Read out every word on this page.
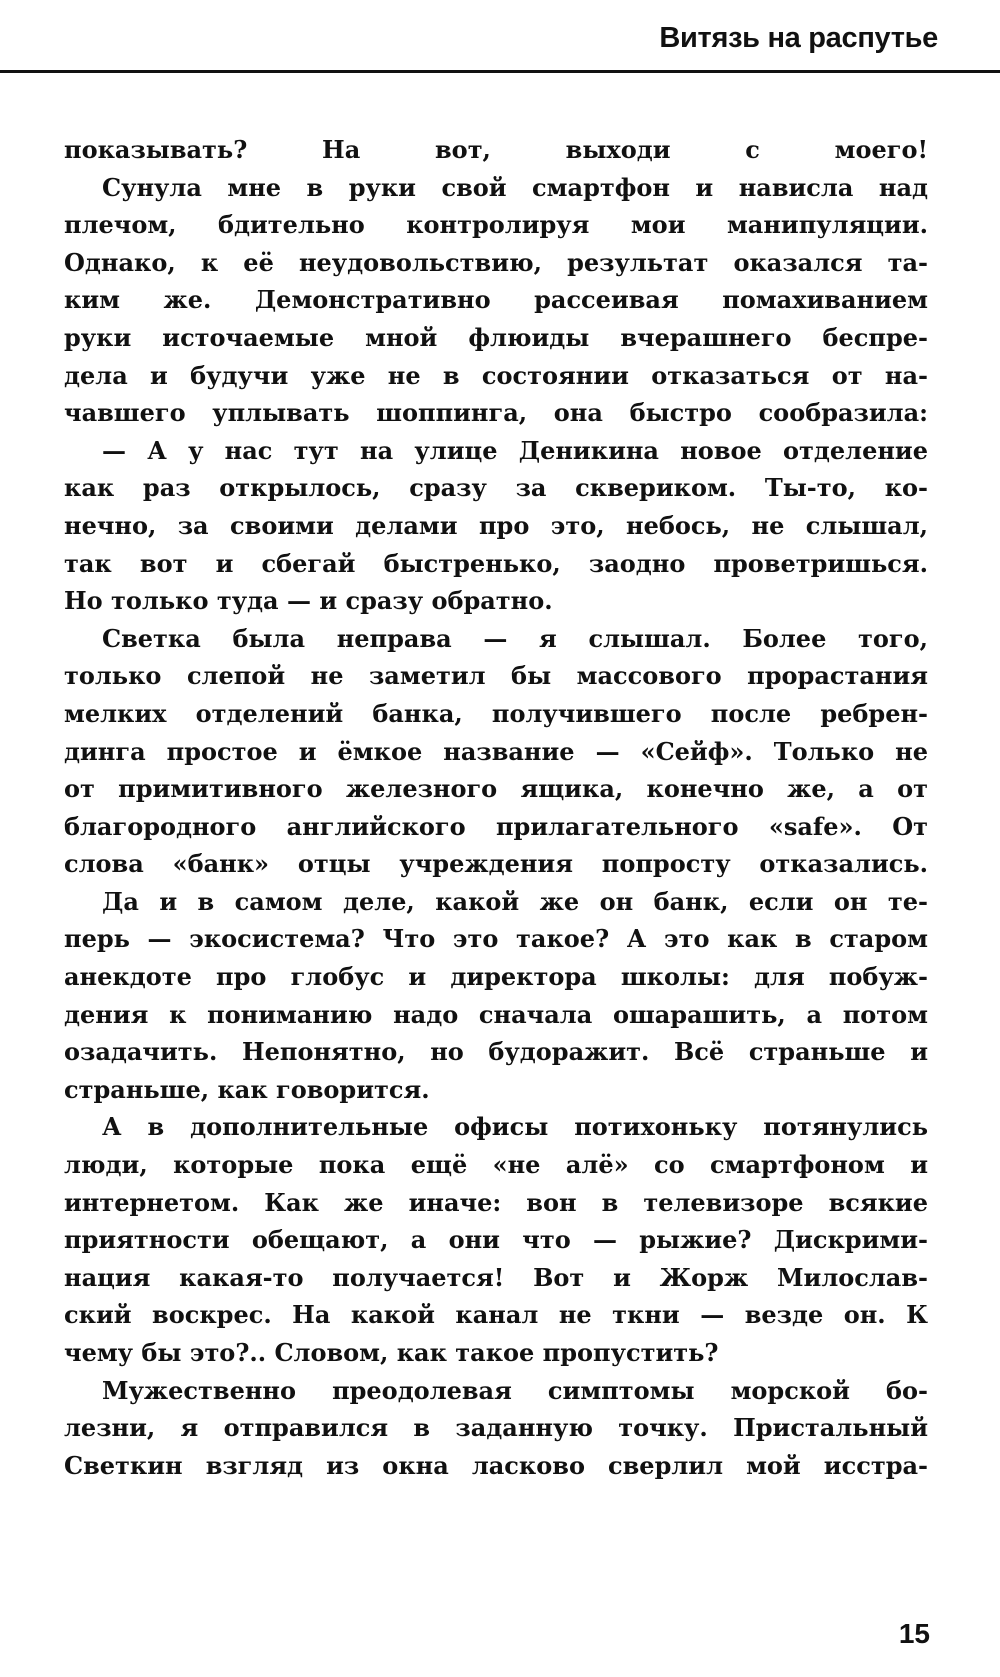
Витязь на распутье
показывать? На вот, выходи с моего!
Сунула мне в руки свой смартфон и нависла над
плечом, бдительно контролируя мои манипуляции.
Однако, к её неудовольствию, результат оказался та-
ким же. Демонстративно рассеивая помахиванием
руки источаемые мной флюиды вчерашнего беспре-
дела и будучи уже не в состоянии отказаться от на-
чавшего уплывать шоппинга, она быстро сообразила:
— А у нас тут на улице Деникина новое отделение
как раз открылось, сразу за сквериком. Ты-то, ко-
нечно, за своими делами про это, небось, не слышал,
так вот и сбегай быстренько, заодно проветришься.
Но только туда — и сразу обратно.
Светка была неправа — я слышал. Более того,
только слепой не заметил бы массового прорастания
мелких отделений банка, получившего после ребрен-
динга простое и ёмкое название — «Сейф». Только не
от примитивного железного ящика, конечно же, а от
благородного английского прилагательного «safe». От
слова «банк» отцы учреждения попросту отказались.
Да и в самом деле, какой же он банк, если он те-
перь — экосистема? Что это такое? А это как в старом
анекдоте про глобус и директора школы: для побуж-
дения к пониманию надо сначала ошарашить, а потом
озадачить. Непонятно, но будоражит. Всё страньше и
страньше, как говорится.
А в дополнительные офисы потихоньку потянулись
люди, которые пока ещё «не алё» со смартфоном и
интернетом. Как же иначе: вон в телевизоре всякие
приятности обещают, а они что — рыжие? Дискрими-
нация какая-то получается! Вот и Жорж Милослав-
ский воскрес. На какой канал не ткни — везде он. К
чему бы это?.. Словом, как такое пропустить?
Мужественно преодолевая симптомы морской бо-
лезни, я отправился в заданную точку. Пристальный
Светкин взгляд из окна ласково сверлил мой исстра-
15
